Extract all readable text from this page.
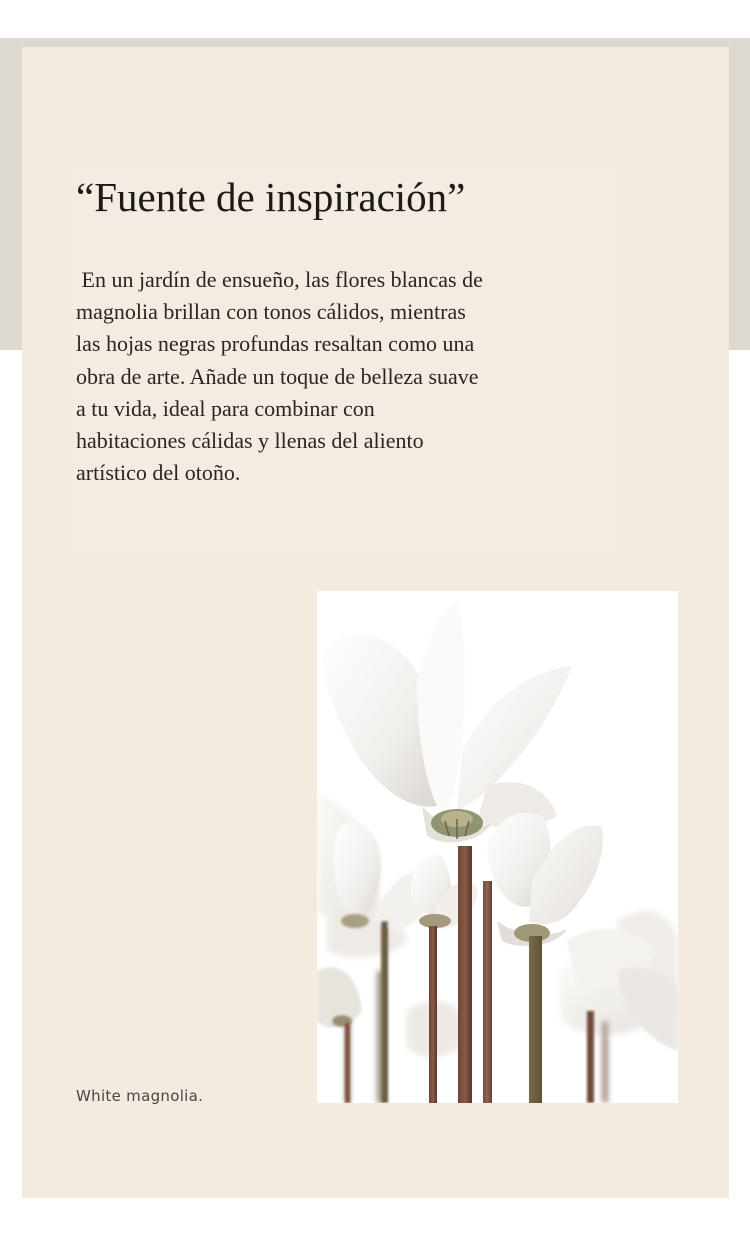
“Fuente de inspiración”

En un jardín de ensueño, las flores blancas de
magnolia brillan con tonos cálidos, mientras
las hojas negras profundas resaltan como una
obra de arte. Añade un toque de belleza suave
a tu vida, ideal para combinar con
habitaciones cálidas y llenas del aliento
artístico del otoño.

White magnolia.
